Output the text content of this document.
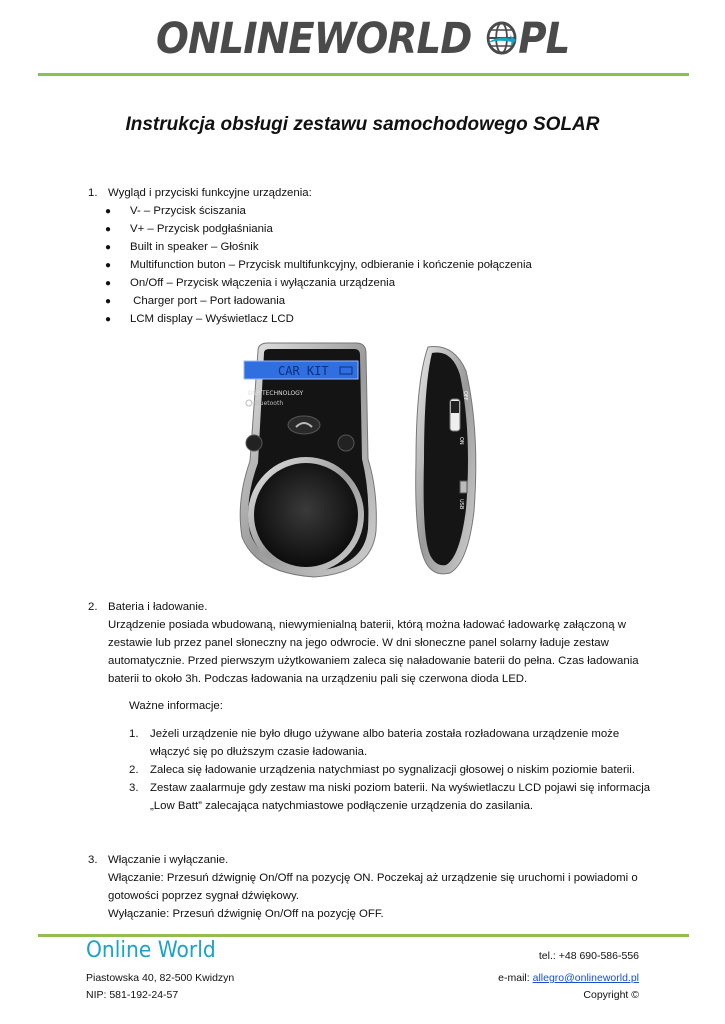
ONLINEWORLD PL
Instrukcja obsługi zestawu samochodowego SOLAR
1. Wygląd i przyciski funkcyjne urządzenia:
● V- – Przycisk ściszania
● V+ – Przycisk podgłaśniania
● Built in speaker – Głośnik
● Multifunction buton – Przycisk multifunkcyjny, odbieranie i kończenie połączenia
● On/Off – Przycisk włączenia i wyłączania urządzenia
● Charger port – Port ładowania
● LCM display – Wyświetlacz LCD
CAR KIT
DSP TECHNOLOGY
Bluetooth
OFF
ON
USB
2. Bateria i ładowanie.
Urządzenie posiada wbudowaną, niewymienialną baterii, którą można ładować ładowarkę załączoną w
zestawie lub przez panel słoneczny na jego odwrocie. W dni słoneczne panel solarny ładuje zestaw
automatycznie. Przed pierwszym użytkowaniem zaleca się naładowanie baterii do pełna. Czas ładowania
baterii to około 3h. Podczas ładowania na urządzeniu pali się czerwona dioda LED.
Ważne informacje:
1. Jeżeli urządzenie nie było długo używane albo bateria została rozładowana urządzenie może
włączyć się po dłuższym czasie ładowania.
2. Zaleca się ładowanie urządzenia natychmiast po sygnalizacji głosowej o niskim poziomie baterii.
3. Zestaw zaalarmuje gdy zestaw ma niski poziom baterii. Na wyświetlaczu LCD pojawi się informacja
„Low Batt” zalecająca natychmiastowe podłączenie urządzenia do zasilania.
3. Włączanie i wyłączanie.
Włączanie: Przesuń dźwignię On/Off na pozycję ON. Poczekaj aż urządzenie się uruchomi i powiadomi o
gotowości poprzez sygnał dźwiękowy.
Wyłączanie: Przesuń dźwignię On/Off na pozycję OFF.
Online World
Piastowska 40, 82-500 Kwidzyn
NIP: 581-192-24-57
tel.: +48 690-586-556
e-mail: allegro@onlineworld.pl
Copyright ©
